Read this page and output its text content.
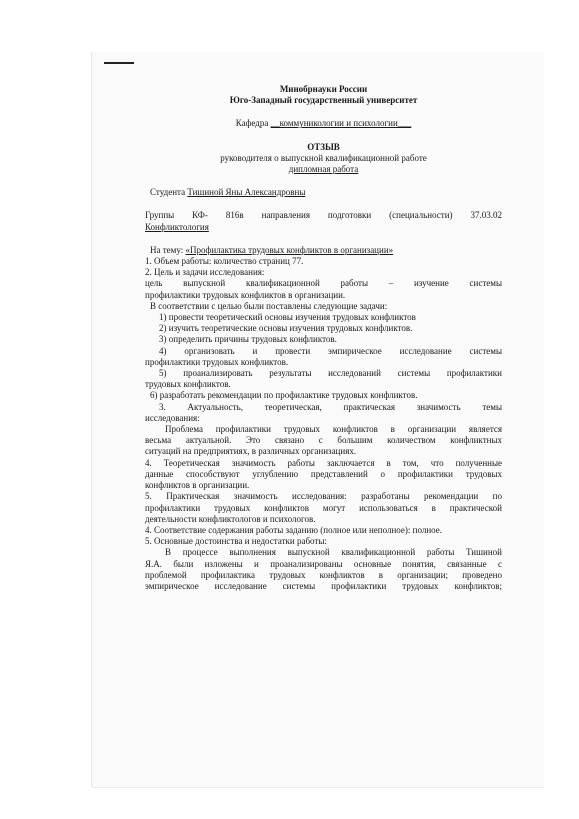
Минобрнауки России

Юго-Западный государственный университет

Кафедра __коммуникологии и психологии___

ОТЗЫВ

руководителя о выпускной квалификационной работе

дипломная работа

Студента Тишиной Яны Александровны

Группы КФ- 816в направления подготовки (специальности) 37.03.02

Конфликтология

На тему: «Профилактика трудовых конфликтов в организации»

1. Объем работы: количество страниц 77.

2. Цель и задачи исследования:

цель выпускной квалификационной работы – изучение системы

профилактики трудовых конфликтов в организации.

В соответствии с целью были поставлены следующие задачи:

1) провести теоретический основы изучения трудовых конфликтов

2) изучить теоретические основы изучения трудовых конфликтов.

3) определить причины трудовых конфликтов.

4) организовать и провести эмпирическое исследование системы

профилактики трудовых конфликтов.

5) проанализировать результаты исследований системы профилактики

трудовых конфликтов.

6) разработать рекомендации по профилактике трудовых конфликтов.

3. Актуальность, теоретическая, практическая значимость темы

исследования:

Проблема профилактики трудовых конфликтов в организации является

весьма актуальной. Это связано с большим количеством конфликтных

ситуаций на предприятиях, в различных организациях.

4. Теоретическая значимость работы заключается в том, что полученные

данные способствуют углублению представлений о профилактики трудовых

конфликтов в организации.

5. Практическая значимость исследования: разработаны рекомендации по

профилактики трудовых конфликтов могут использоваться в практической

деятельности конфликтологов и психологов.

4. Соответствие содержания работы заданию (полное или неполное): полное.

5. Основные достоинства и недостатки работы:

В процессе выполнения выпускной квалификационной работы Тишиной

Я.А. были изложены и проанализированы основные понятия, связанные с

проблемой профилактика трудовых конфликтов в организации; проведено

эмпирическое исследование системы профилактики трудовых конфликтов;
